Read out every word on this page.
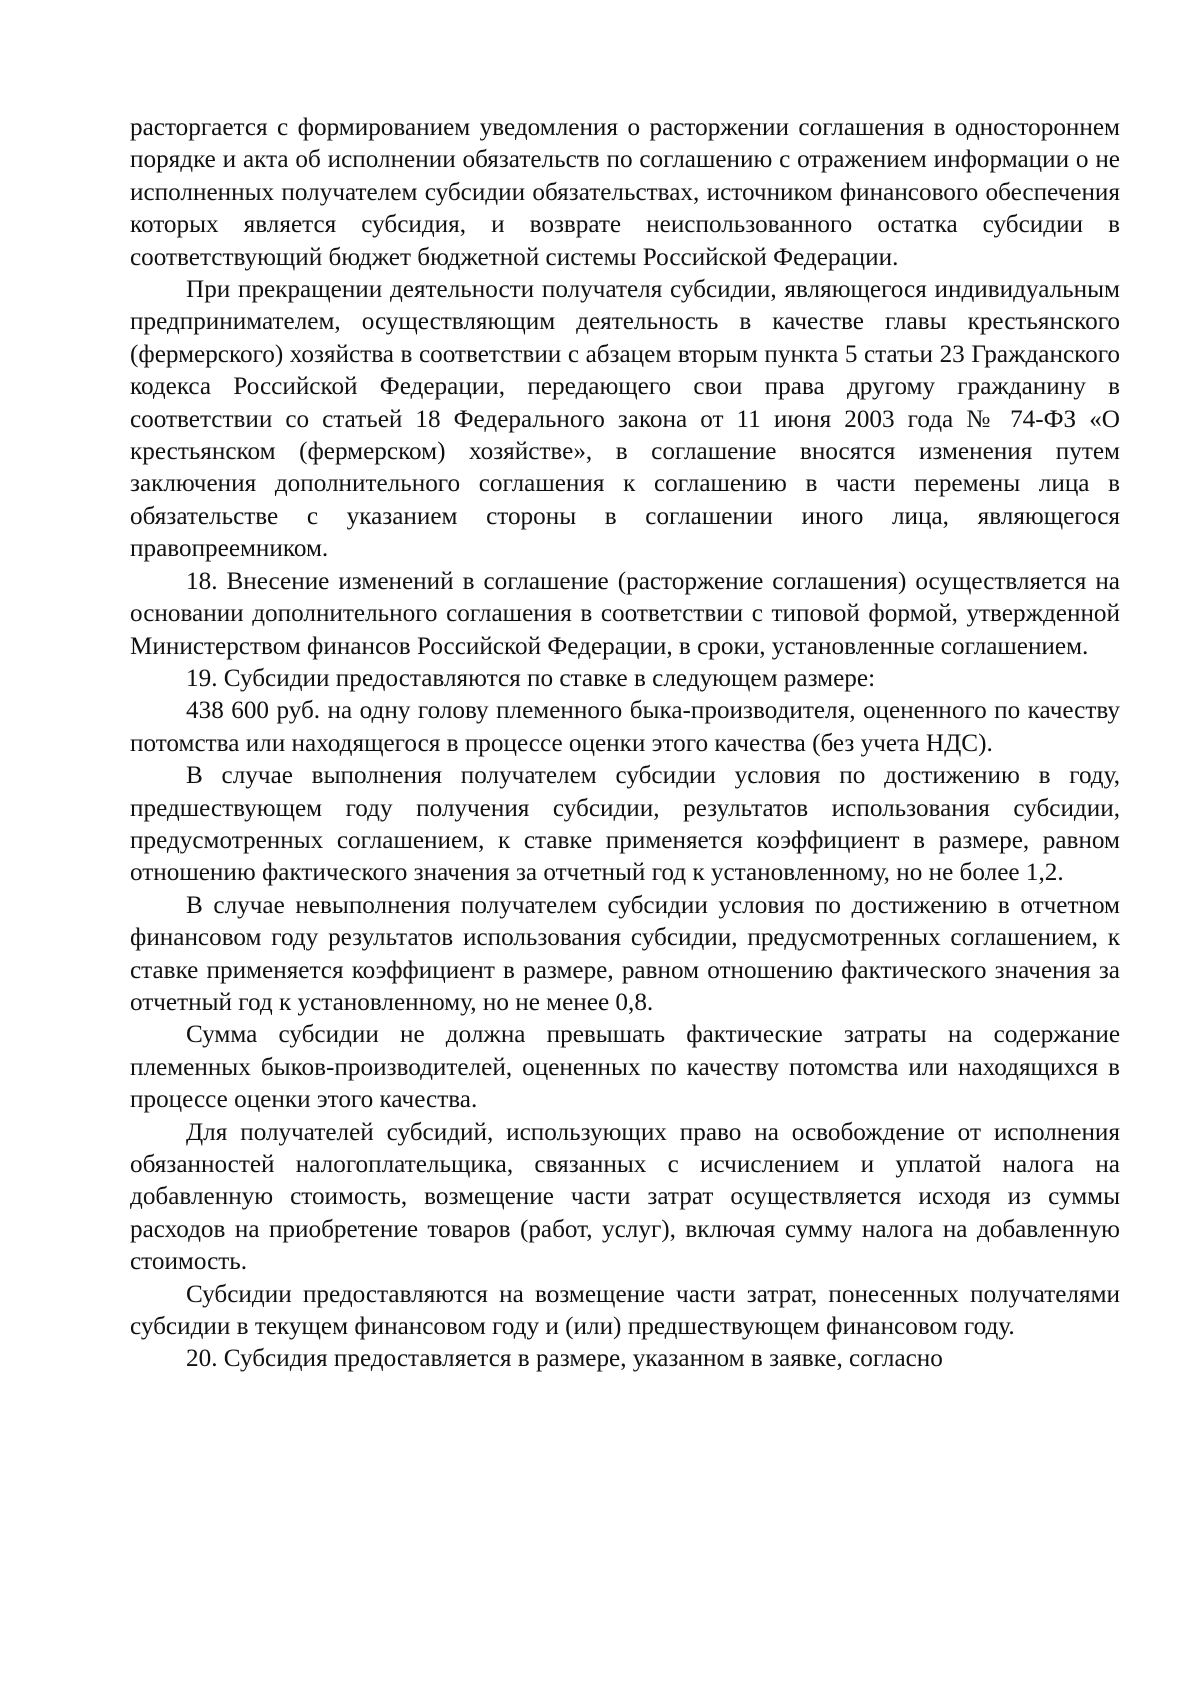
расторгается с формированием уведомления о расторжении соглашения в одностороннем порядке и акта об исполнении обязательств по соглашению с отражением информации о не исполненных получателем субсидии обязательствах, источником финансового обеспечения которых является субсидия, и возврате неиспользованного остатка субсидии в соответствующий бюджет бюджетной системы Российской Федерации.

При прекращении деятельности получателя субсидии, являющегося индивидуальным предпринимателем, осуществляющим деятельность в качестве главы крестьянского (фермерского) хозяйства в соответствии с абзацем вторым пункта 5 статьи 23 Гражданского кодекса Российской Федерации, передающего свои права другому гражданину в соответствии со статьей 18 Федерального закона от 11 июня 2003 года № 74-ФЗ «О крестьянском (фермерском) хозяйстве», в соглашение вносятся изменения путем заключения дополнительного соглашения к соглашению в части перемены лица в обязательстве с указанием стороны в соглашении иного лица, являющегося правопреемником.

18. Внесение изменений в соглашение (расторжение соглашения) осуществляется на основании дополнительного соглашения в соответствии с типовой формой, утвержденной Министерством финансов Российской Федерации, в сроки, установленные соглашением.

19. Субсидии предоставляются по ставке в следующем размере:

438 600 руб. на одну голову племенного быка-производителя, оцененного по качеству потомства или находящегося в процессе оценки этого качества (без учета НДС).

В случае выполнения получателем субсидии условия по достижению в году, предшествующем году получения субсидии, результатов использования субсидии, предусмотренных соглашением, к ставке применяется коэффициент в размере, равном отношению фактического значения за отчетный год к установленному, но не более 1,2.

В случае невыполнения получателем субсидии условия по достижению в отчетном финансовом году результатов использования субсидии, предусмотренных соглашением, к ставке применяется коэффициент в размере, равном отношению фактического значения за отчетный год к установленному, но не менее 0,8.

Сумма субсидии не должна превышать фактические затраты на содержание племенных быков-производителей, оцененных по качеству потомства или находящихся в процессе оценки этого качества.

Для получателей субсидий, использующих право на освобождение от исполнения обязанностей налогоплательщика, связанных с исчислением и уплатой налога на добавленную стоимость, возмещение части затрат осуществляется исходя из суммы расходов на приобретение товаров (работ, услуг), включая сумму налога на добавленную стоимость.

Субсидии предоставляются на возмещение части затрат, понесенных получателями субсидии в текущем финансовом году и (или) предшествующем финансовом году.

20. Субсидия предоставляется в размере, указанном в заявке, согласно
